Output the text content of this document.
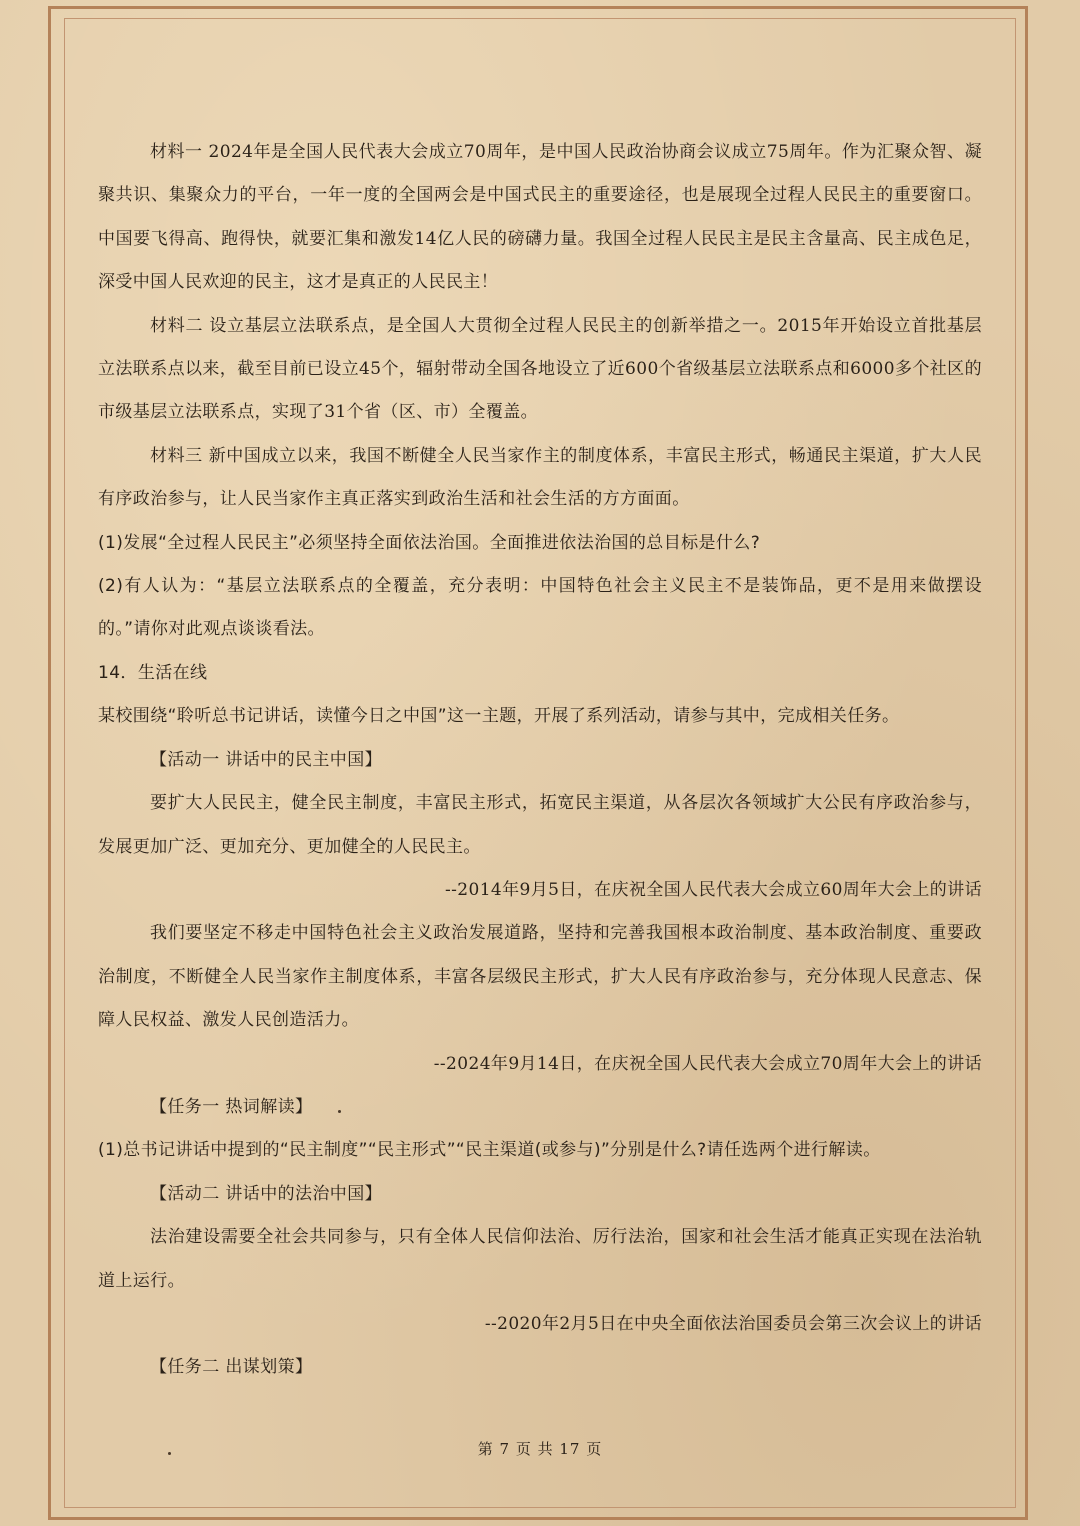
材料一 2024年是全国人民代表大会成立70周年，是中国人民政治协商会议成立75周年。作为汇聚众智、凝聚共识、集聚众力的平台，一年一度的全国两会是中国式民主的重要途径，也是展现全过程人民民主的重要窗口。中国要飞得高、跑得快，就要汇集和激发14亿人民的磅礴力量。我国全过程人民民主是民主含量高、民主成色足，深受中国人民欢迎的民主，这才是真正的人民民主！

材料二 设立基层立法联系点，是全国人大贯彻全过程人民民主的创新举措之一。2015年开始设立首批基层立法联系点以来，截至目前已设立45个，辐射带动全国各地设立了近600个省级基层立法联系点和6000多个社区的市级基层立法联系点，实现了31个省（区、市）全覆盖。

材料三 新中国成立以来，我国不断健全人民当家作主的制度体系，丰富民主形式，畅通民主渠道，扩大人民有序政治参与，让人民当家作主真正落实到政治生活和社会生活的方方面面。

(1)发展“全过程人民民主”必须坚持全面依法治国。全面推进依法治国的总目标是什么?

(2)有人认为：“基层立法联系点的全覆盖，充分表明：中国特色社会主义民主不是装饰品，更不是用来做摆设的。”请你对此观点谈谈看法。

14．生活在线

某校围绕“聆听总书记讲话，读懂今日之中国”这一主题，开展了系列活动，请参与其中，完成相关任务。

【活动一 讲话中的民主中国】

要扩大人民民主，健全民主制度，丰富民主形式，拓宽民主渠道，从各层次各领域扩大公民有序政治参与，发展更加广泛、更加充分、更加健全的人民民主。

--2014年9月5日，在庆祝全国人民代表大会成立60周年大会上的讲话

我们要坚定不移走中国特色社会主义政治发展道路，坚持和完善我国根本政治制度、基本政治制度、重要政治制度，不断健全人民当家作主制度体系，丰富各层级民主形式，扩大人民有序政治参与，充分体现人民意志、保障人民权益、激发人民创造活力。

--2024年9月14日，在庆祝全国人民代表大会成立70周年大会上的讲话

【任务一 热词解读】

(1)总书记讲话中提到的“民主制度”“民主形式”“民主渠道(或参与)”分别是什么?请任选两个进行解读。

【活动二 讲话中的法治中国】

法治建设需要全社会共同参与，只有全体人民信仰法治、厉行法治，国家和社会生活才能真正实现在法治轨道上运行。

--2020年2月5日在中央全面依法治国委员会第三次会议上的讲话

【任务二 出谋划策】

第 7 页 共 17 页
